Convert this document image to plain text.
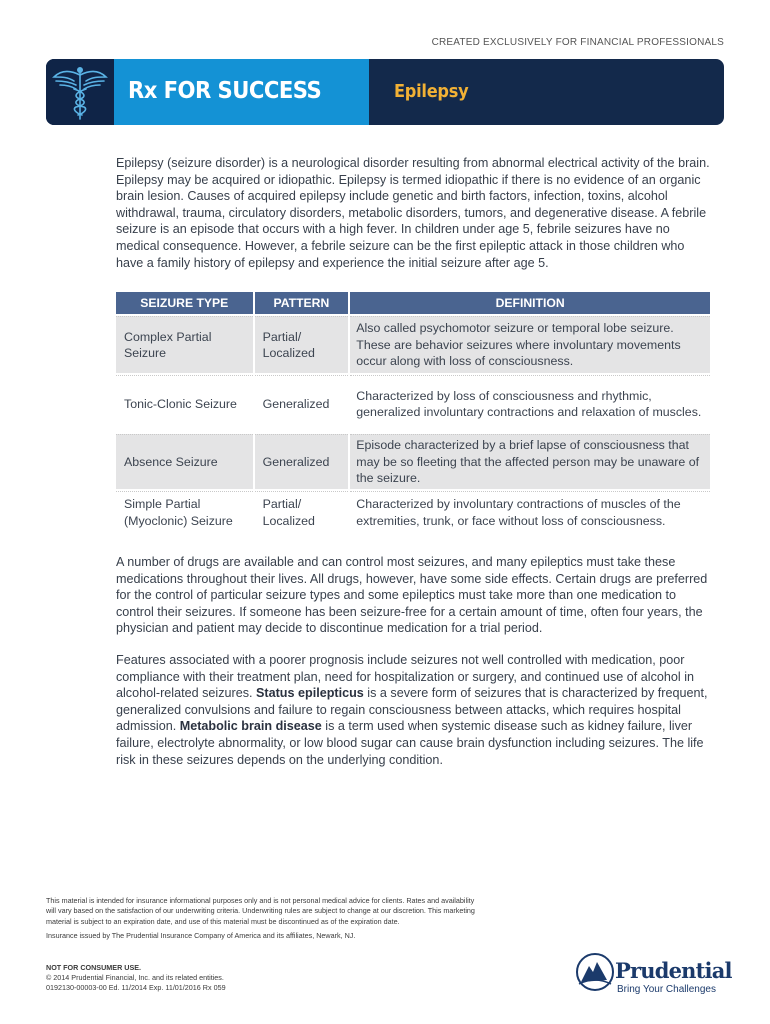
CREATED EXCLUSIVELY FOR FINANCIAL PROFESSIONALS
Rx FOR SUCCESS	Epilepsy

Epilepsy (seizure disorder) is a neurological disorder resulting from abnormal electrical activity of the brain. Epilepsy may be acquired or idiopathic. Epilepsy is termed idiopathic if there is no evidence of an organic brain lesion. Causes of acquired epilepsy include genetic and birth factors, infection, toxins, alcohol withdrawal, trauma, circulatory disorders, metabolic disorders, tumors, and degenerative disease. A febrile seizure is an episode that occurs with a high fever. In children under age 5, febrile seizures have no medical consequence. However, a febrile seizure can be the first epileptic attack in those children who have a family history of epilepsy and experience the initial seizure after age 5.

SEIZURE TYPE	PATTERN	DEFINITION
Complex Partial Seizure	Partial/ Localized	Also called psychomotor seizure or temporal lobe seizure. These are behavior seizures where involuntary movements occur along with loss of consciousness.
Tonic-Clonic Seizure	Generalized	Characterized by loss of consciousness and rhythmic, generalized involuntary contractions and relaxation of muscles.
Absence Seizure	Generalized	Episode characterized by a brief lapse of consciousness that may be so fleeting that the affected person may be unaware of the seizure.
Simple Partial (Myoclonic) Seizure	Partial/ Localized	Characterized by involuntary contractions of muscles of the extremities, trunk, or face without loss of consciousness.

A number of drugs are available and can control most seizures, and many epileptics must take these medications throughout their lives. All drugs, however, have some side effects. Certain drugs are preferred for the control of particular seizure types and some epileptics must take more than one medication to control their seizures. If someone has been seizure-free for a certain amount of time, often four years, the physician and patient may decide to discontinue medication for a trial period.

Features associated with a poorer prognosis include seizures not well controlled with medication, poor compliance with their treatment plan, need for hospitalization or surgery, and continued use of alcohol in alcohol-related seizures. Status epilepticus is a severe form of seizures that is characterized by frequent, generalized convulsions and failure to regain consciousness between attacks, which requires hospital admission. Metabolic brain disease is a term used when systemic disease such as kidney failure, liver failure, electrolyte abnormality, or low blood sugar can cause brain dysfunction including seizures. The life risk in these seizures depends on the underlying condition.

This material is intended for insurance informational purposes only and is not personal medical advice for clients. Rates and availability will vary based on the satisfaction of our underwriting criteria. Underwriting rules are subject to change at our discretion. This marketing material is subject to an expiration date, and use of this material must be discontinued as of the expiration date.

Insurance issued by The Prudential Insurance Company of America and its affiliates, Newark, NJ.

NOT FOR CONSUMER USE.
© 2014 Prudential Financial, Inc. and its related entities.
0192130-00003-00 Ed. 11/2014 Exp. 11/01/2016 Rx 059
Prudential
Bring Your Challenges
